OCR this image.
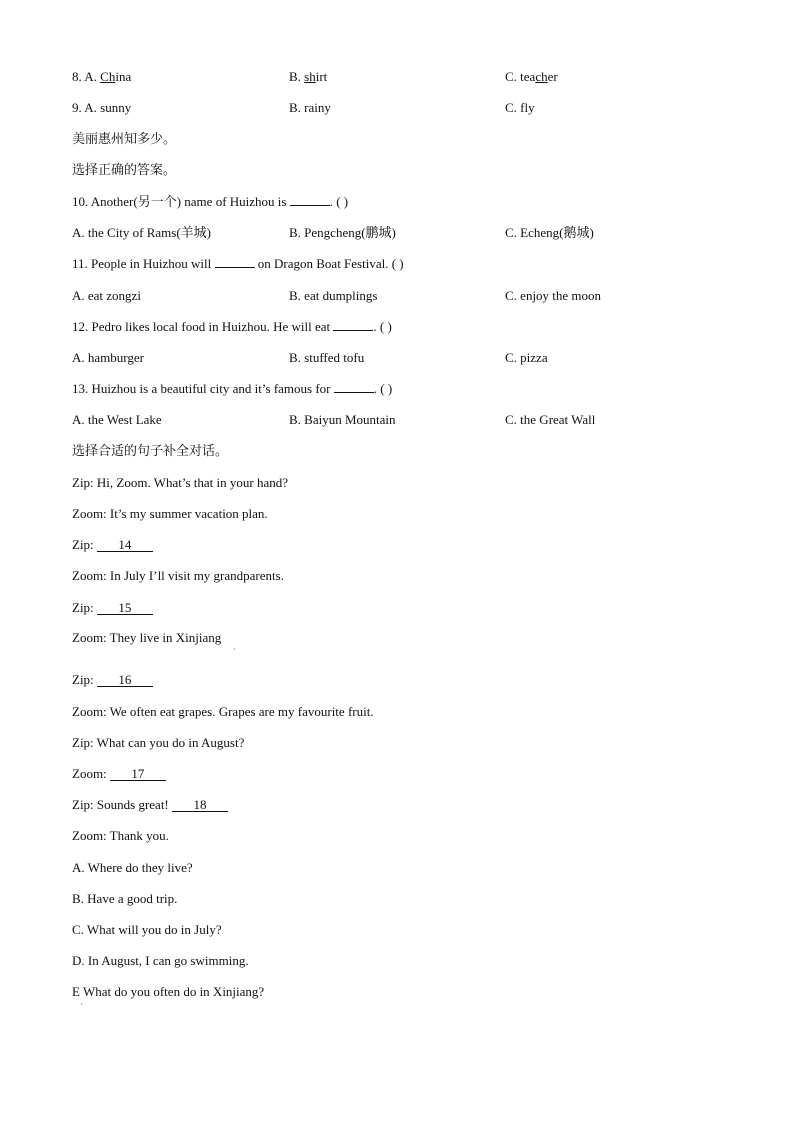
8. A. China	B. shirt	C. teacher
9. A. sunny	B. rainy	C. fly
美丽惠州知多少。
选择正确的答案。
10. Another(另一个) name of Huizhou is	. ( )
A. the City of Rams(羊城)	B. Pengcheng(鹏城)	C. Echeng(鹅城)
11. People in Huizhou will	on Dragon Boat Festival. ( )
A. eat zongzi	B. eat dumplings	C. enjoy the moon
12. Pedro likes local food in Huizhou. He will eat	. ( )
A. hamburger	B. stuffed tofu	C. pizza
13. Huizhou is a beautiful city and it’s famous for	. ( )
A. the West Lake	B. Baiyun Mountain	C. the Great Wall
选择合适的句子补全对话。
Zip: Hi, Zoom. What’s that in your hand?
Zoom: It’s my summer vacation plan.
Zip: 14
Zoom: In July I’ll visit my grandparents.
Zip: 15
Zoom: They live in Xinjiang
·
Zip: 16
Zoom: We often eat grapes. Grapes are my favourite fruit.
Zip: What can you do in August?
Zoom: 17
Zip: Sounds great! 18
Zoom: Thank you.
A. Where do they live?
B. Have a good trip.
C. What will you do in July?
D. In August, I can go swimming.
E What do you often do in Xinjiang?
·
